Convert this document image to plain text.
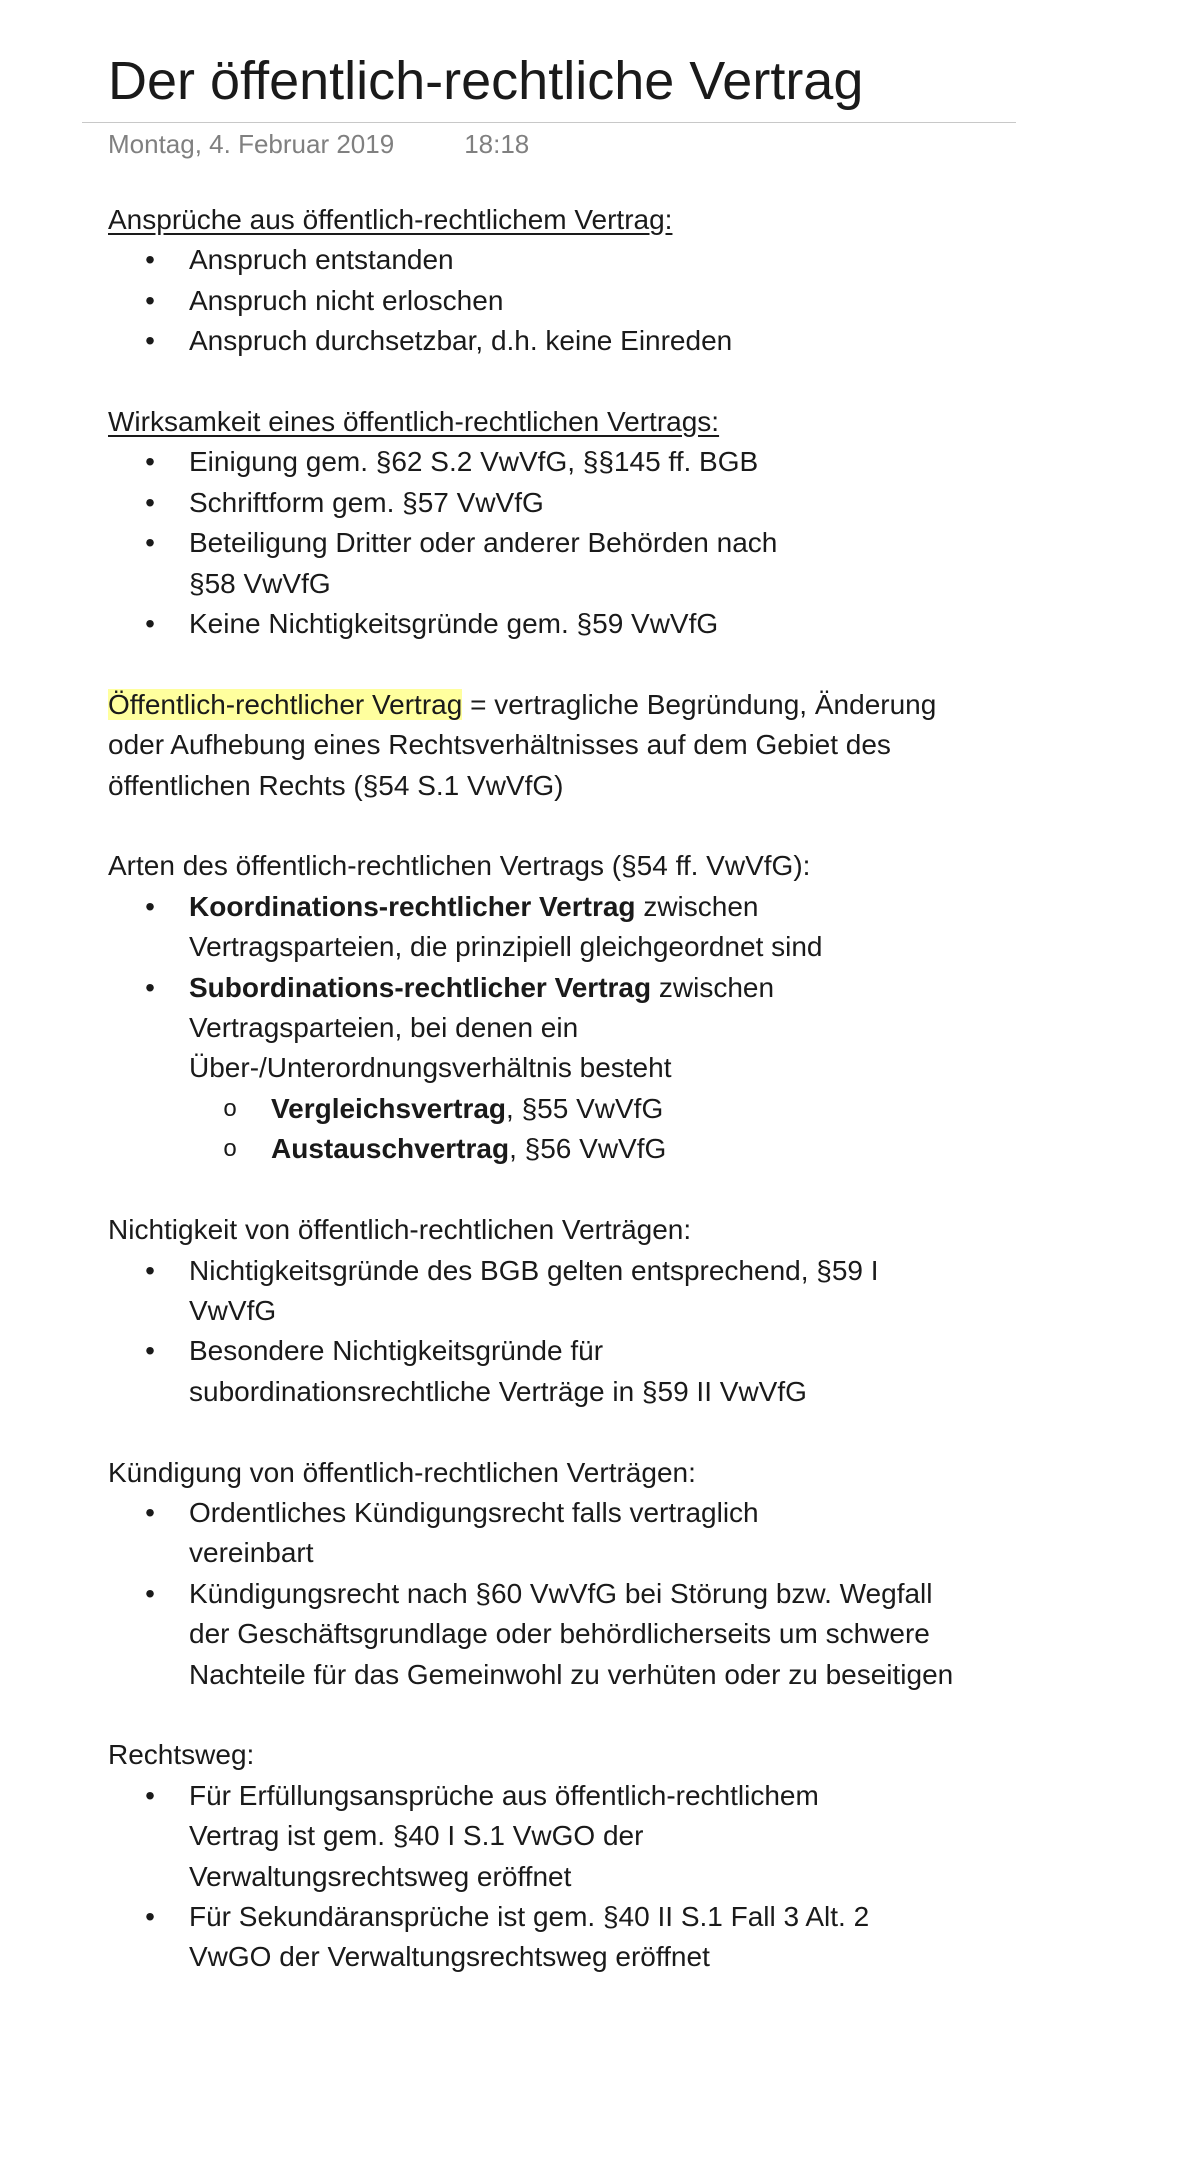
Der öffentlich-rechtliche Vertrag
Montag, 4. Februar 2019	18:18

Ansprüche aus öffentlich-rechtlichem Vertrag:

• Anspruch entstanden
• Anspruch nicht erloschen
• Anspruch durchsetzbar, d.h. keine Einreden

Wirksamkeit eines öffentlich-rechtlichen Vertrags:

• Einigung gem. §62 S.2 VwVfG, §§145 ff. BGB
• Schriftform gem. §57 VwVfG
• Beteiligung Dritter oder anderer Behörden nach §58 VwVfG
• Keine Nichtigkeitsgründe gem. §59 VwVfG

Öffentlich-rechtlicher Vertrag = vertragliche Begründung, Änderung oder Aufhebung eines Rechtsverhältnisses auf dem Gebiet des öffentlichen Rechts (§54 S.1 VwVfG)

Arten des öffentlich-rechtlichen Vertrags (§54 ff. VwVfG):

• Koordinations-rechtlicher Vertrag zwischen Vertragsparteien, die prinzipiell gleichgeordnet sind
• Subordinations-rechtlicher Vertrag zwischen Vertragsparteien, bei denen ein Über-/Unterordnungsverhältnis besteht
o Vergleichsvertrag, §55 VwVfG
o Austauschvertrag, §56 VwVfG

Nichtigkeit von öffentlich-rechtlichen Verträgen:

• Nichtigkeitsgründe des BGB gelten entsprechend, §59 I VwVfG
• Besondere Nichtigkeitsgründe für subordinationsrechtliche Verträge in §59 II VwVfG

Kündigung von öffentlich-rechtlichen Verträgen:

• Ordentliches Kündigungsrecht falls vertraglich vereinbart
• Kündigungsrecht nach §60 VwVfG bei Störung bzw. Wegfall der Geschäftsgrundlage oder behördlicherseits um schwere Nachteile für das Gemeinwohl zu verhüten oder zu beseitigen

Rechtsweg:

• Für Erfüllungsansprüche aus öffentlich-rechtlichem Vertrag ist gem. §40 I S.1 VwGO der Verwaltungsrechtsweg eröffnet
• Für Sekundäransprüche ist gem. §40 II S.1 Fall 3 Alt. 2 VwGO der Verwaltungsrechtsweg eröffnet
